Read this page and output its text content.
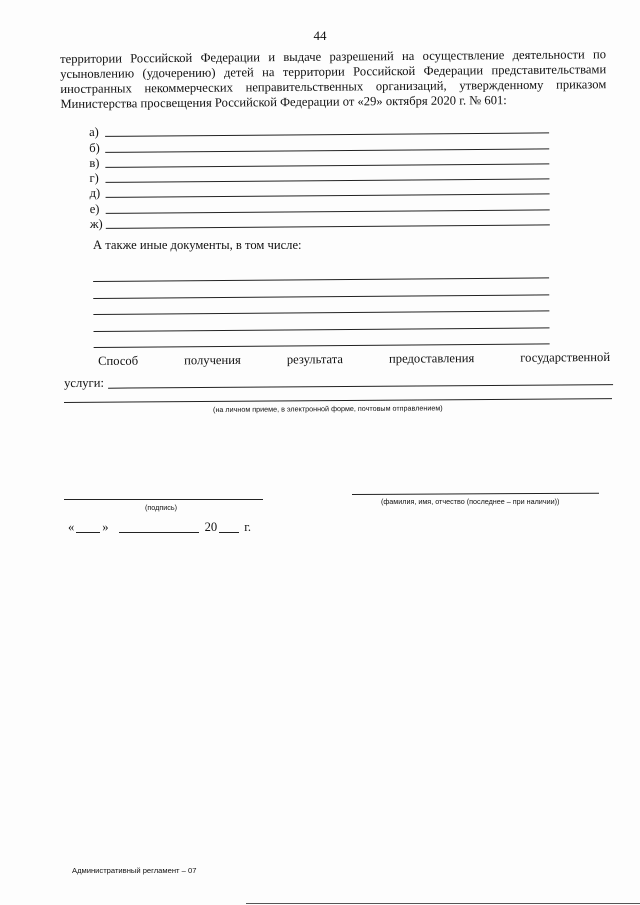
44
территории Российской Федерации и выдаче разрешений на осуществление деятельности по усыновлению (удочерению) детей на территории Российской Федерации представительствами иностранных некоммерческих неправительственных организаций, утвержденному приказом Министерства просвещения Российской Федерации от «29» октября 2020 г. № 601:
а)
б)
в)
г)
д)
е)
ж)
А также иные документы, в том числе:
Способ	получения	результата	предоставления	государственной
услуги:
(на личном приеме, в электронной форме, почтовым отправлением)
(подпись)
(фамилия, имя, отчество (последнее – при наличии))
« »	20 г.
Административный регламент – 07
